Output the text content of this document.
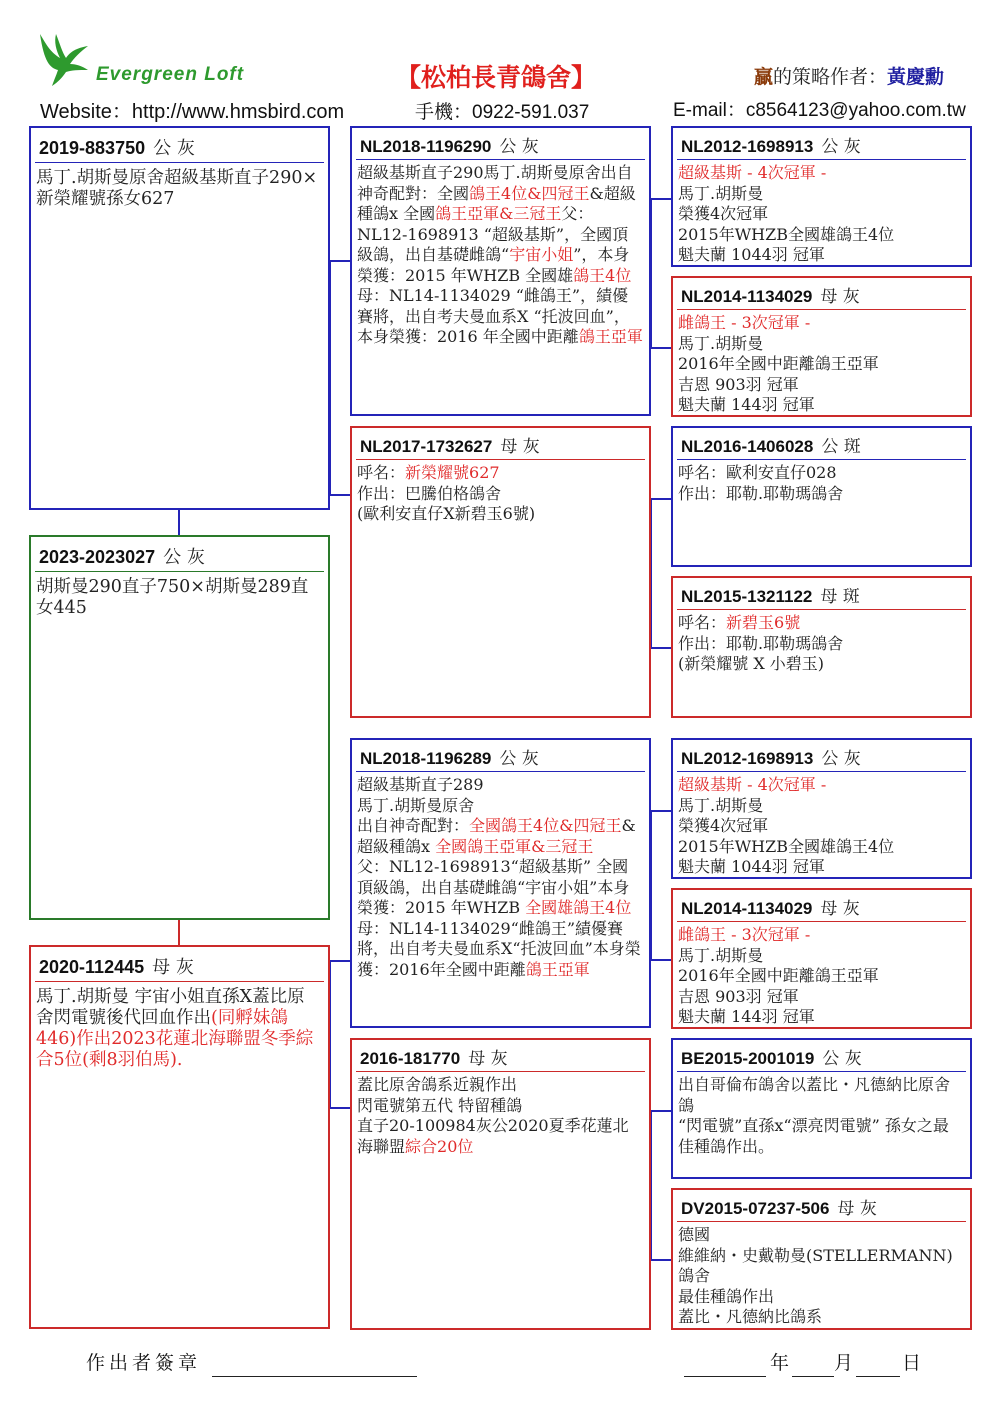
Evergreen Loft	【松柏長青鴿舍】	贏的策略作者：黃慶勳
Website：http://www.hmsbird.com	手機：0922-591.037	E-mail：c8564123@yahoo.com.tw
2019-883750 公 灰
馬丁.胡斯曼原舍超級基斯直子290×新榮耀號孫女627
2023-2023027 公 灰
胡斯曼290直子750×胡斯曼289直女445
2020-112445 母 灰
馬丁.胡斯曼 宇宙小姐直孫X蓋比原舍閃電號後代回血作出(同孵妹鴿446)作出2023花蓮北海聯盟冬季綜合5位(剩8羽伯馬).
NL2018-1196290 公 灰
超級基斯直子290馬丁.胡斯曼原舍出自神奇配對：全國鴿王4位&四冠王&超級種鴿x 全國鴿王亞軍&三冠王父：NL12-1698913 “超級基斯”，全國頂級鴿，出自基礎雌鴿“宇宙小姐”，本身榮獲：2015 年WHZB 全國雄鴿王4位母：NL14-1134029 “雌鴿王”，績優賽將，出自考夫曼血系X “托波回血”，本身榮獲：2016 年全國中距離鴿王亞軍
NL2017-1732627 母 灰
呼名：新榮耀號627
作出：巴騰伯格鴿舍
(歐利安直仔X新碧玉6號)
NL2018-1196289 公 灰
超級基斯直子289
馬丁.胡斯曼原舍
出自神奇配對：全國鴿王4位&四冠王&超級種鴿x 全國鴿王亞軍&三冠王
父：NL12-1698913“超級基斯” 全國頂級鴿，出自基礎雌鴿“宇宙小姐”本身榮獲：2015 年WHZB 全國雄鴿王4位
母：NL14-1134029“雌鴿王”績優賽將，出自考夫曼血系X“托波回血”本身榮獲：2016年全國中距離鴿王亞軍
2016-181770 母 灰
蓋比原舍鴿系近親作出
閃電號第五代 特留種鴿
直子20-100984灰公2020夏季花蓮北海聯盟綜合20位
NL2012-1698913 公 灰
超級基斯 - 4次冠軍 -
馬丁.胡斯曼
榮獲4次冠軍
2015年WHZB全國雄鴿王4位
魁夫蘭 1044羽 冠軍
NL2014-1134029 母 灰
雌鴿王 - 3次冠軍 -
馬丁.胡斯曼
2016年全國中距離鴿王亞軍
吉恩 903羽 冠軍
魁夫蘭 144羽 冠軍
NL2016-1406028 公 斑
呼名：歐利安直仔028
作出：耶勒.耶勒瑪鴿舍
NL2015-1321122 母 斑
呼名：新碧玉6號
作出：耶勒.耶勒瑪鴿舍
(新榮耀號 X 小碧玉)
NL2012-1698913 公 灰
超級基斯 - 4次冠軍 -
馬丁.胡斯曼
榮獲4次冠軍
2015年WHZB全國雄鴿王4位
魁夫蘭 1044羽 冠軍
NL2014-1134029 母 灰
雌鴿王 - 3次冠軍 -
馬丁.胡斯曼
2016年全國中距離鴿王亞軍
吉恩 903羽 冠軍
魁夫蘭 144羽 冠軍
BE2015-2001019 公 灰
出自哥倫布鴿舍以蓋比・凡德納比原舍鴿
“閃電號”直孫x“漂亮閃電號” 孫女之最佳種鴿作出。
DV2015-07237-506 母 灰
德國
維維納・史戴勒曼(STELLERMANN)鴿舍
最佳種鴿作出
蓋比・凡德納比鴿系
作出者簽章	年 月 日
